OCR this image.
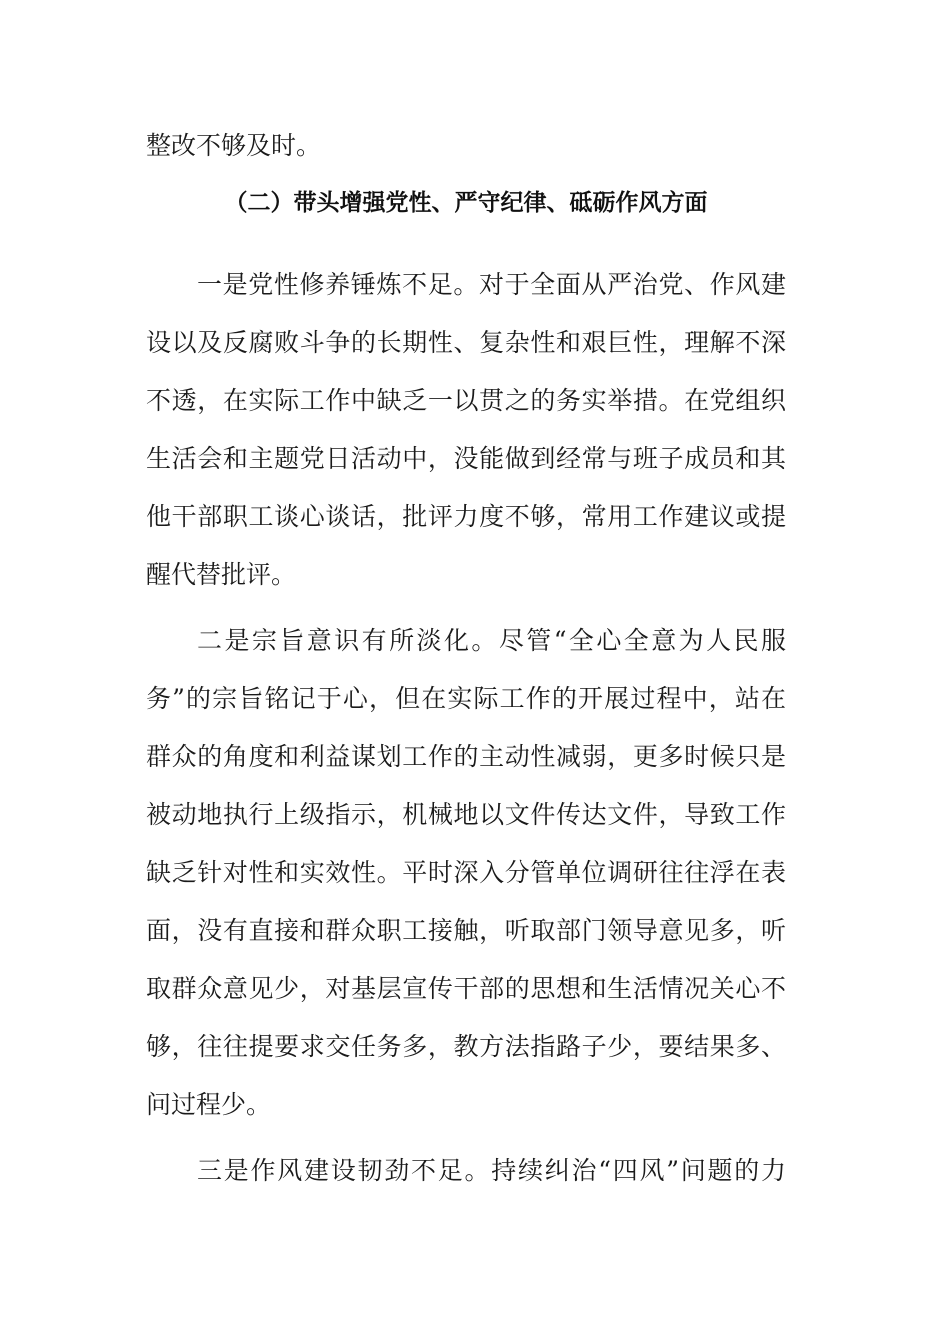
整改不够及时。

（二）带头增强党性、严守纪律、砥砺作风方面

一是党性修养锤炼不足。对于全面从严治党、作风建

设以及反腐败斗争的长期性、复杂性和艰巨性，理解不深

不透，在实际工作中缺乏一以贯之的务实举措。在党组织

生活会和主题党日活动中，没能做到经常与班子成员和其

他干部职工谈心谈话，批评力度不够，常用工作建议或提

醒代替批评。

二是宗旨意识有所淡化。尽管“全心全意为人民服

务”的宗旨铭记于心，但在实际工作的开展过程中，站在

群众的角度和利益谋划工作的主动性减弱，更多时候只是

被动地执行上级指示，机械地以文件传达文件，导致工作

缺乏针对性和实效性。平时深入分管单位调研往往浮在表

面，没有直接和群众职工接触，听取部门领导意见多，听

取群众意见少，对基层宣传干部的思想和生活情况关心不

够，往往提要求交任务多，教方法指路子少，要结果多、

问过程少。

三是作风建设韧劲不足。持续纠治“四风”问题的力
